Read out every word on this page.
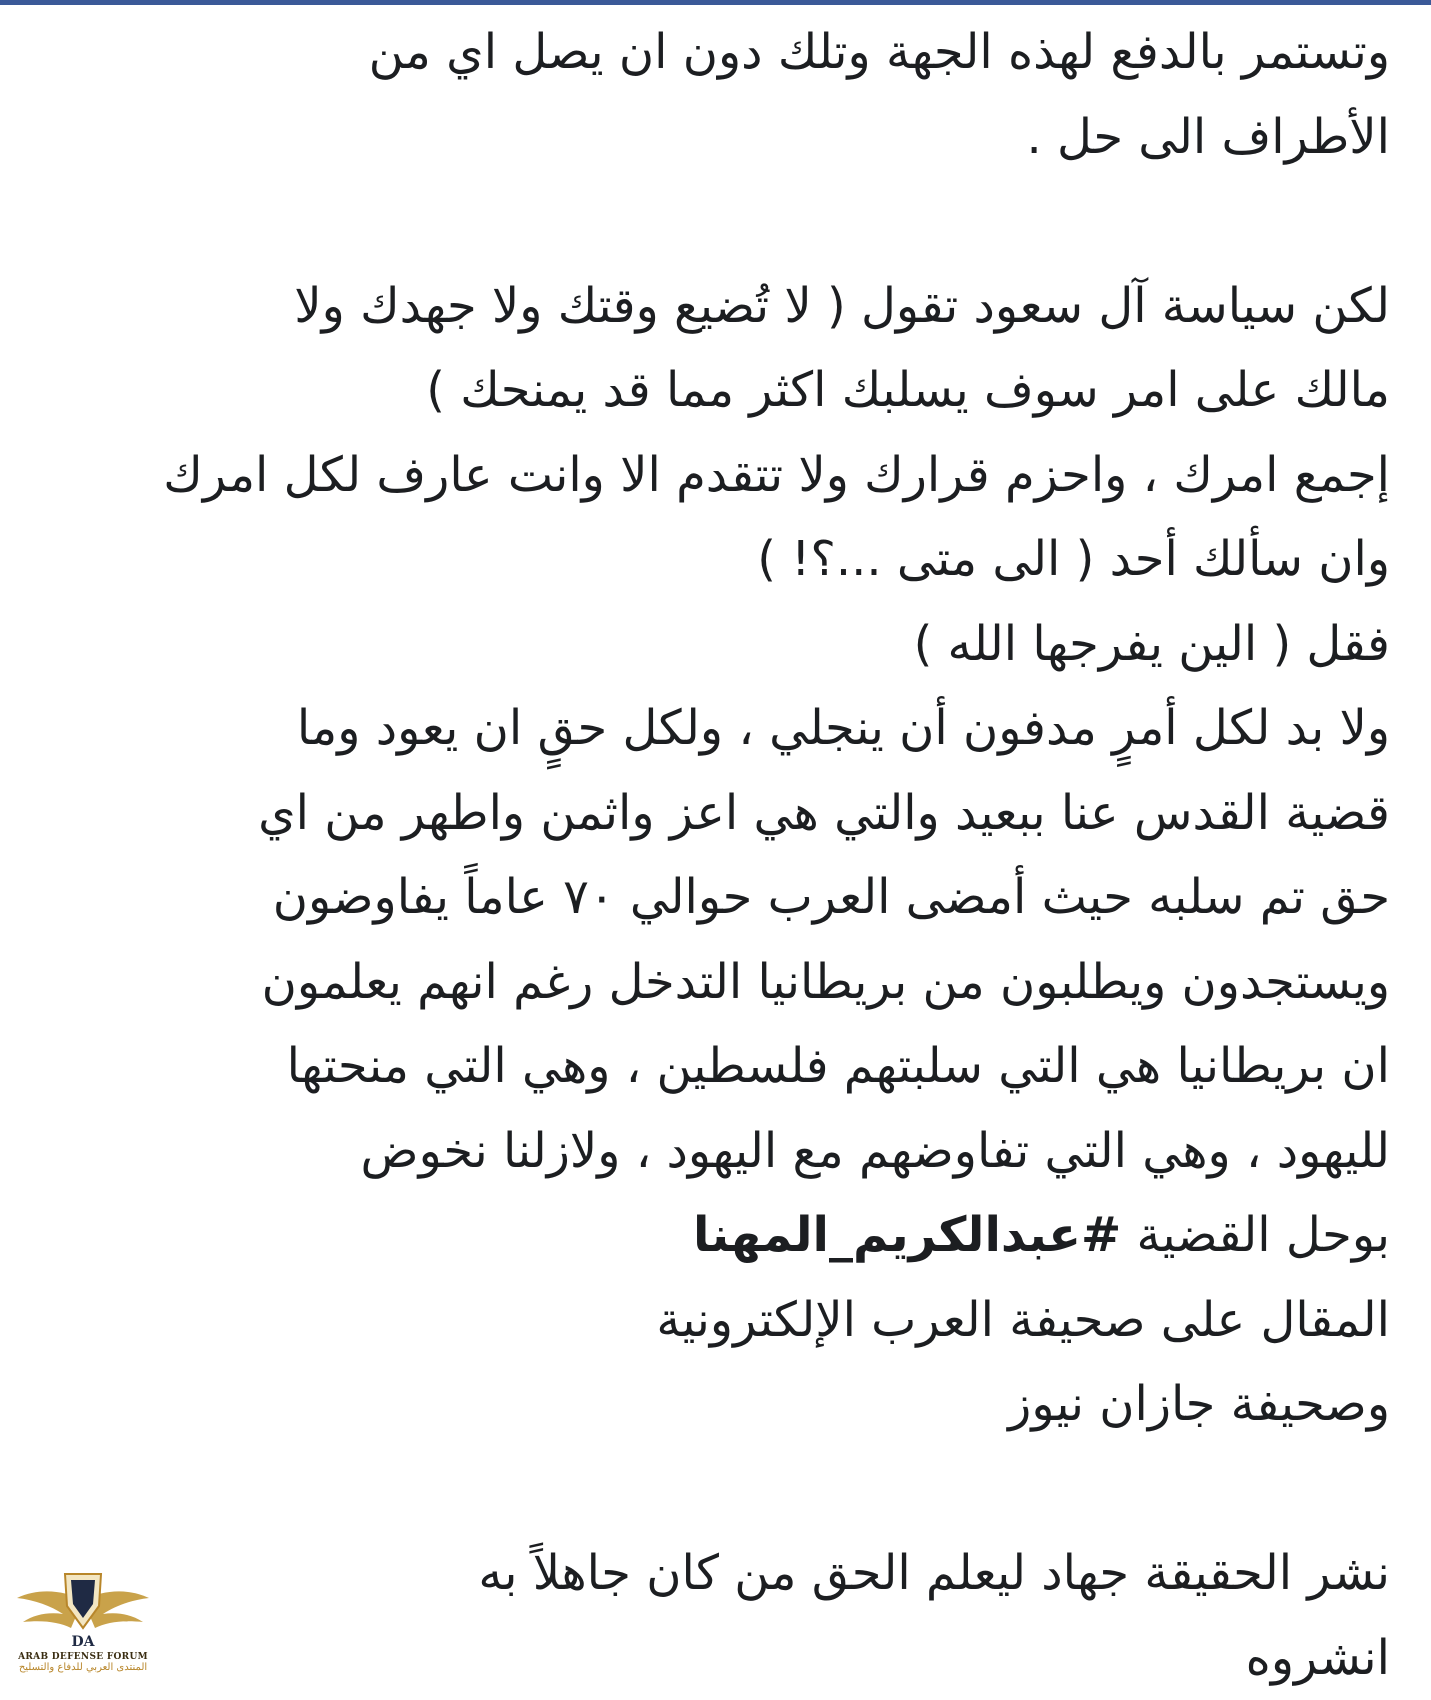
وتستمر بالدفع لهذه الجهة وتلك دون ان يصل اي من
الأطراف الى حل .
لكن سياسة آل سعود تقول ( لا تُضيع وقتك ولا جهدك ولا
مالك على امر سوف يسلبك اكثر مما قد يمنحك )
إجمع امرك ، واحزم قرارك ولا تتقدم الا وانت عارف لكل امرك
وان سألك أحد ( الى متى ...؟! )
فقل ( الين يفرجها الله )
ولا بد لكل أمرٍ مدفون أن ينجلي ، ولكل حقٍ ان يعود وما
قضية القدس عنا ببعيد والتي هي اعز واثمن واطهر من اي
حق تم سلبه حيث أمضى العرب حوالي ٧٠ عاماً يفاوضون
ويستجدون ويطلبون من بريطانيا التدخل رغم انهم يعلمون
ان بريطانيا هي التي سلبتهم فلسطين ، وهي التي منحتها
لليهود ، وهي التي تفاوضهم مع اليهود ، ولازلنا نخوض
بوحل القضية #عبدالكريم_المهنا
المقال على صحيفة العرب الإلكترونية
وصحيفة جازان نيوز
نشر الحقيقة جهاد ليعلم الحق من كان جاهلاً به
انشروه
DA
ARAB DEFENSE FORUM
المنتدى العربي للدفاع والتسليح
